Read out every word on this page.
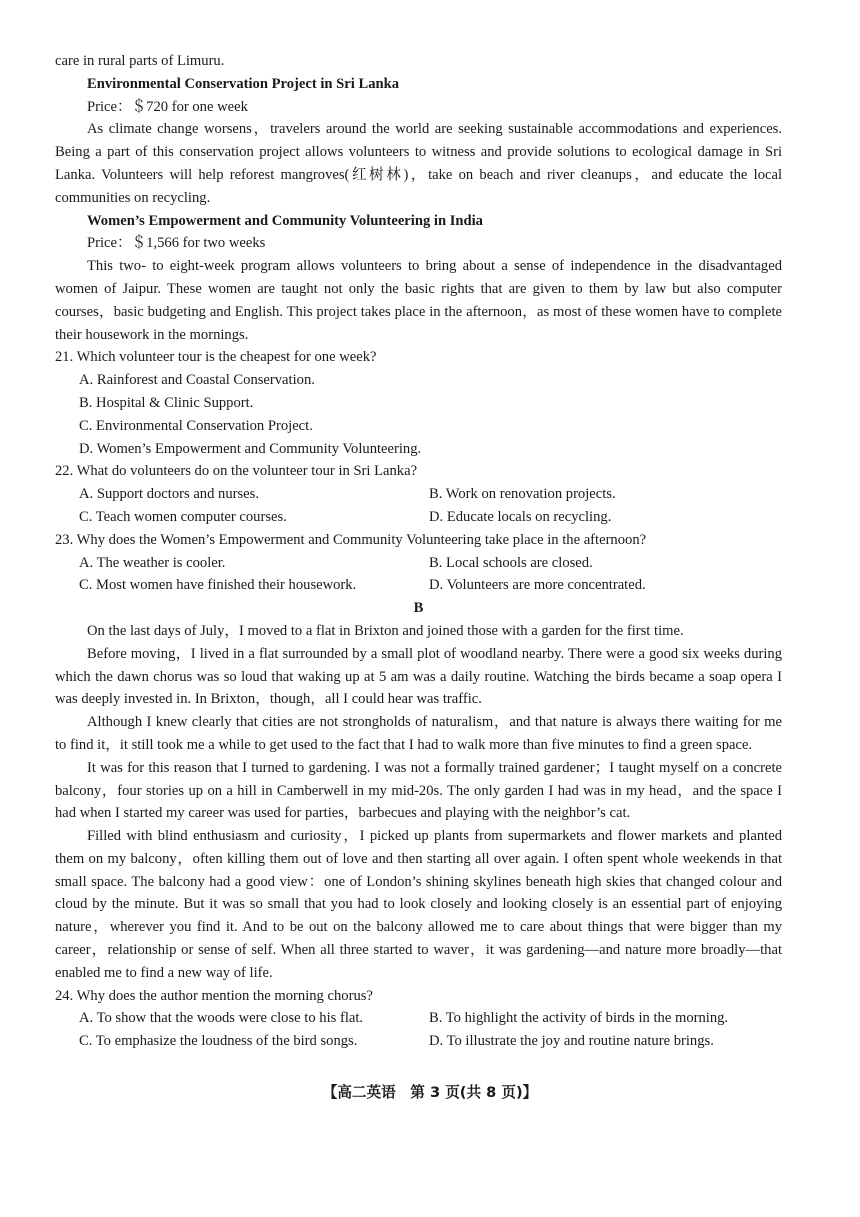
care in rural parts of Limuru.

Environmental Conservation Project in Sri Lanka

Price：＄720 for one week

As climate change worsens，travelers around the world are seeking sustainable accommodations and experiences. Being a part of this conservation project allows volunteers to witness and provide solutions to ecological damage in Sri Lanka. Volunteers will help reforest mangroves(红树林)，take on beach and river cleanups，and educate the local communities on recycling.

Women’s Empowerment and Community Volunteering in India

Price：＄1,566 for two weeks

This two- to eight-week program allows volunteers to bring about a sense of independence in the disadvantaged women of Jaipur. These women are taught not only the basic rights that are given to them by law but also computer courses，basic budgeting and English. This project takes place in the afternoon，as most of these women have to complete their housework in the mornings.

21. Which volunteer tour is the cheapest for one week?

A. Rainforest and Coastal Conservation.

B. Hospital & Clinic Support.

C. Environmental Conservation Project.

D. Women’s Empowerment and Community Volunteering.

22. What do volunteers do on the volunteer tour in Sri Lanka?

A. Support doctors and nurses.	B. Work on renovation projects.
C. Teach women computer courses.	D. Educate locals on recycling.

23. Why does the Women’s Empowerment and Community Volunteering take place in the afternoon?

A. The weather is cooler.	B. Local schools are closed.
C. Most women have finished their housework.	D. Volunteers are more concentrated.

B

On the last days of July，I moved to a flat in Brixton and joined those with a garden for the first time.

Before moving，I lived in a flat surrounded by a small plot of woodland nearby. There were a good six weeks during which the dawn chorus was so loud that waking up at 5 am was a daily routine. Watching the birds became a soap opera I was deeply invested in. In Brixton，though，all I could hear was traffic.

Although I knew clearly that cities are not strongholds of naturalism，and that nature is always there waiting for me to find it，it still took me a while to get used to the fact that I had to walk more than five minutes to find a green space.

It was for this reason that I turned to gardening. I was not a formally trained gardener；I taught myself on a concrete balcony，four stories up on a hill in Camberwell in my mid-20s. The only garden I had was in my head，and the space I had when I started my career was used for parties，barbecues and playing with the neighbor’s cat.

Filled with blind enthusiasm and curiosity，I picked up plants from supermarkets and flower markets and planted them on my balcony，often killing them out of love and then starting all over again. I often spent whole weekends in that small space. The balcony had a good view：one of London’s shining skylines beneath high skies that changed colour and cloud by the minute. But it was so small that you had to look closely and looking closely is an essential part of enjoying nature，wherever you find it. And to be out on the balcony allowed me to care about things that were bigger than my career，relationship or sense of self. When all three started to waver，it was gardening—and nature more broadly—that enabled me to find a new way of life.

24. Why does the author mention the morning chorus?

A. To show that the woods were close to his flat.	B. To highlight the activity of birds in the morning.
C. To emphasize the loudness of the bird songs.	D. To illustrate the joy and routine nature brings.
【高二英语　第 3 页(共 8 页)】
